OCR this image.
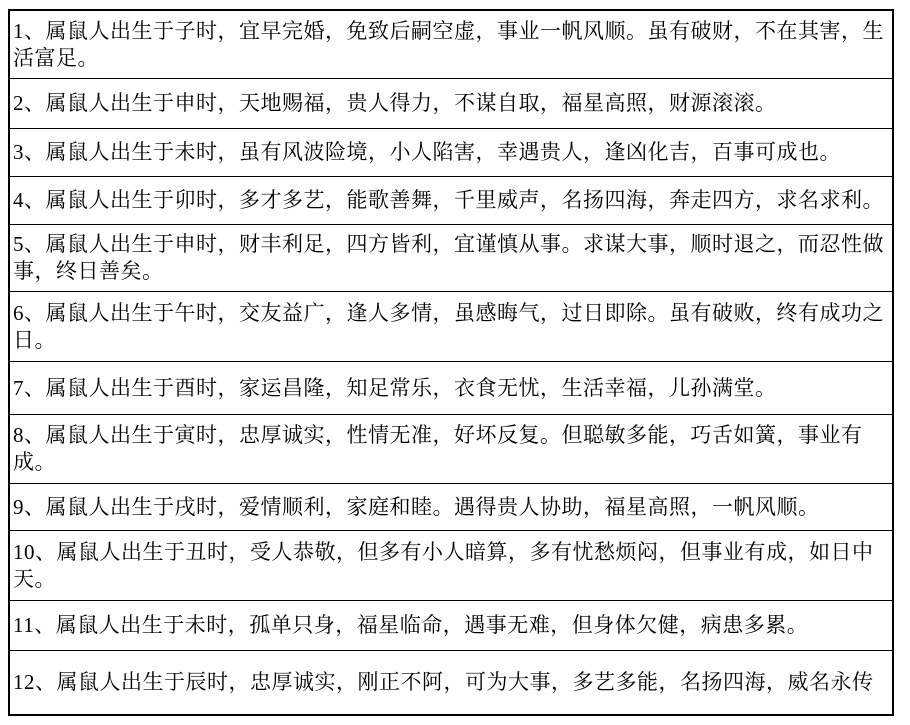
1、属鼠人出生于子时，宜早完婚，免致后嗣空虚，事业一帆风顺。虽有破财，不在其害，生活富足。
2、属鼠人出生于申时，天地赐福，贵人得力，不谋自取，福星高照，财源滚滚。
3、属鼠人出生于未时，虽有风波险境，小人陷害，幸遇贵人，逢凶化吉，百事可成也。
4、属鼠人出生于卯时，多才多艺，能歌善舞，千里威声，名扬四海，奔走四方，求名求利。
5、属鼠人出生于申时，财丰利足，四方皆利，宜谨慎从事。求谋大事，顺时退之，而忍性做事，终日善矣。
6、属鼠人出生于午时，交友益广，逢人多情，虽感晦气，过日即除。虽有破败，终有成功之日。
7、属鼠人出生于酉时，家运昌隆，知足常乐，衣食无忧，生活幸福，儿孙满堂。
8、属鼠人出生于寅时，忠厚诚实，性情无准，好坏反复。但聪敏多能，巧舌如簧，事业有成。
9、属鼠人出生于戌时，爱情顺利，家庭和睦。遇得贵人协助，福星高照，一帆风顺。
10、属鼠人出生于丑时，受人恭敬，但多有小人暗算，多有忧愁烦闷，但事业有成，如日中天。
11、属鼠人出生于未时，孤单只身，福星临命，遇事无难，但身体欠健，病患多累。
12、属鼠人出生于辰时，忠厚诚实，刚正不阿，可为大事，多艺多能，名扬四海，威名永传
